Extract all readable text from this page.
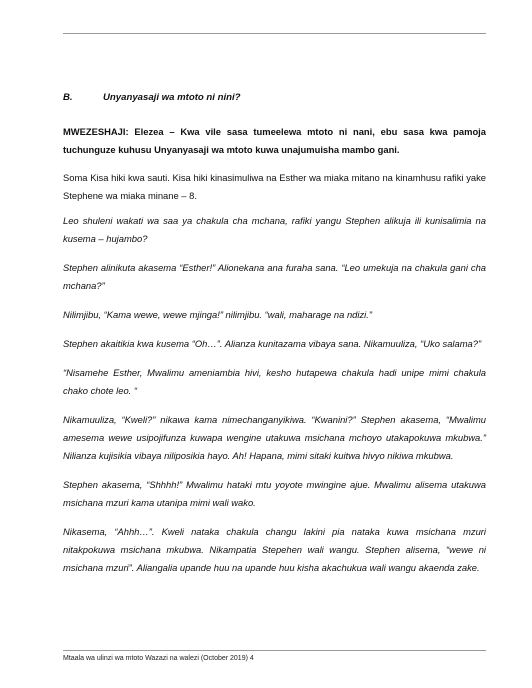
B.	Unyanyasaji wa mtoto ni nini?

MWEZESHAJI: Elezea – Kwa vile sasa tumeelewa mtoto ni nani, ebu sasa kwa pamoja tuchunguze kuhusu Unyanyasaji wa mtoto kuwa unajumuisha mambo gani.

Soma Kisa hiki kwa sauti. Kisa hiki kinasimuliwa na Esther wa miaka mitano na kinamhusu rafiki yake Stephene wa miaka minane – 8.

Leo shuleni wakati wa saa ya chakula cha mchana, rafiki yangu Stephen alikuja ili kunisalimia na kusema – hujambo?

Stephen alinikuta akasema “Esther!” Alionekana ana furaha sana. “Leo umekuja na chakula gani cha mchana?”

Nilimjibu, “Kama wewe, wewe mjinga!” nilimjibu. “wali, maharage na ndizi.”

Stephen akaitikia kwa kusema “Oh…”. Alianza kunitazama vibaya sana. Nikamuuliza, “Uko salama?”

“Nisamehe Esther, Mwalimu ameniambia hivi, kesho hutapewa chakula hadi unipe mimi chakula chako chote leo. “

Nikamuuliza, “Kweli?” nikawa kama nimechanganyikiwa. “Kwanini?” Stephen akasema, “Mwalimu amesema wewe usipojifunza kuwapa wengine utakuwa msichana mchoyo utakapokuwa mkubwa.” Nilianza kujisikia vibaya niliposikia hayo. Ah! Hapana, mimi sitaki kuitwa hivyo nikiwa mkubwa.

Stephen akasema, “Shhhh!” Mwalimu hataki mtu yoyote mwingine ajue. Mwalimu alisema utakuwa msichana mzuri kama utanipa mimi wali wako.

Nikasema, “Ahhh…”. Kweli nataka chakula changu lakini pia nataka kuwa msichana mzuri nitakpokuwa msichana mkubwa. Nikampatia Stepehen wali wangu. Stephen alisema, “wewe ni msichana mzuri”. Aliangalia upande huu na upande huu kisha akachukua wali wangu akaenda zake.

Mtaala wa ulinzi wa mtoto Wazazi na walezi (October 2019) 4
